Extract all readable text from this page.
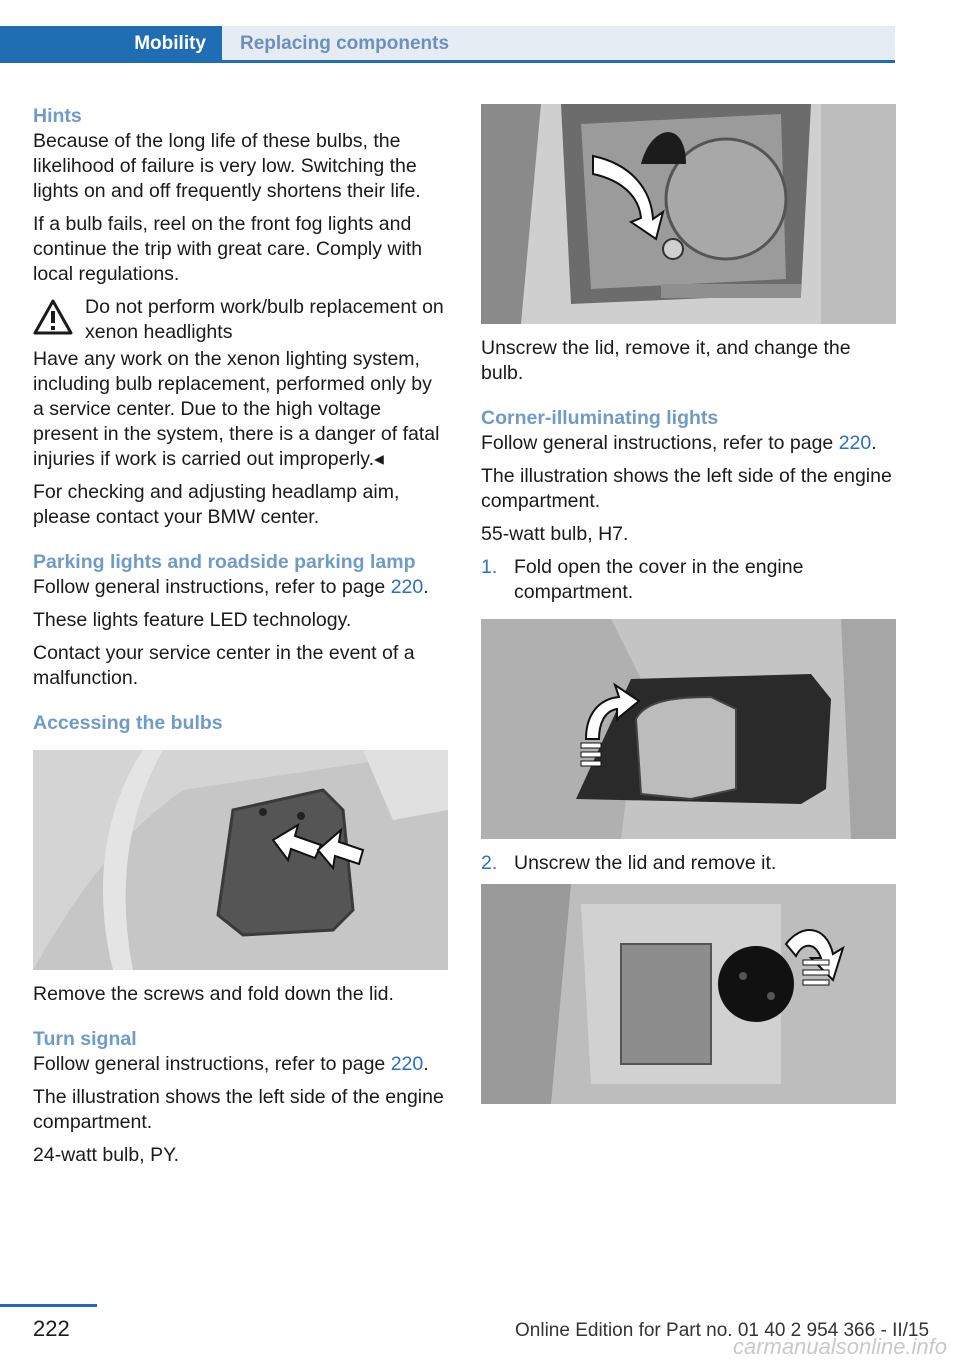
Mobility	Replacing components
Hints

Because of the long life of these bulbs, the likelihood of failure is very low. Switching the lights on and off frequently shortens their life.

If a bulb fails, reel on the front fog lights and continue the trip with great care. Comply with local regulations.

Do not perform work/bulb replacement on xenon headlights

Have any work on the xenon lighting system, including bulb replacement, performed only by a service center. Due to the high voltage present in the system, there is a danger of fatal injuries if work is carried out improperly.◂

For checking and adjusting headlamp aim, please contact your BMW center.

Parking lights and roadside parking lamp

Follow general instructions, refer to page 220.

These lights feature LED technology.

Contact your service center in the event of a malfunction.

Accessing the bulbs

Remove the screws and fold down the lid.

Turn signal

Follow general instructions, refer to page 220.

The illustration shows the left side of the engine compartment.

24-watt bulb, PY.

Unscrew the lid, remove it, and change the bulb.

Corner-illuminating lights

Follow general instructions, refer to page 220.

The illustration shows the left side of the engine compartment.

55-watt bulb, H7.

1. Fold open the cover in the engine compartment.
2. Unscrew the lid and remove it.
222	Online Edition for Part no. 01 40 2 954 366 - II/15
carmanualsonline.info
